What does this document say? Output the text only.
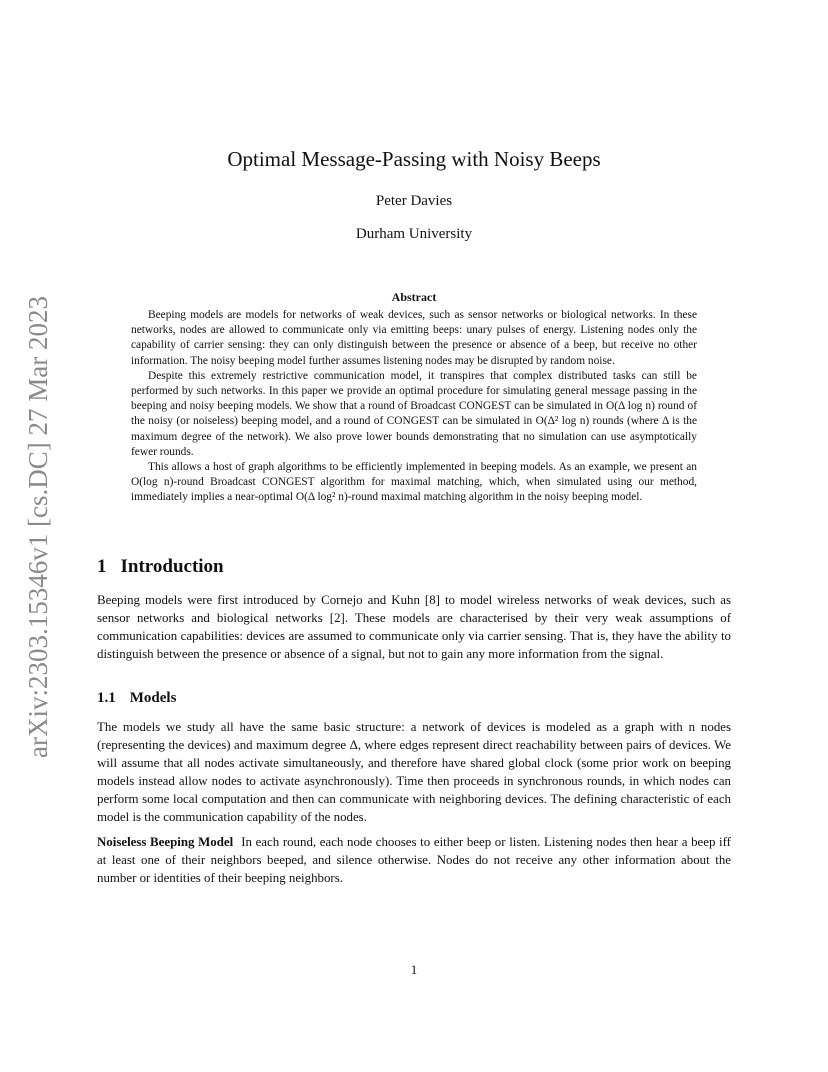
arXiv:2303.15346v1 [cs.DC] 27 Mar 2023
Optimal Message-Passing with Noisy Beeps
Peter Davies
Durham University
Abstract

Beeping models are models for networks of weak devices, such as sensor networks or biological networks. In these networks, nodes are allowed to communicate only via emitting beeps: unary pulses of energy. Listening nodes only the capability of carrier sensing: they can only distinguish between the presence or absence of a beep, but receive no other information. The noisy beeping model further assumes listening nodes may be disrupted by random noise.

Despite this extremely restrictive communication model, it transpires that complex distributed tasks can still be performed by such networks. In this paper we provide an optimal procedure for simulating general message passing in the beeping and noisy beeping models. We show that a round of Broadcast CONGEST can be simulated in O(Δ log n) round of the noisy (or noiseless) beeping model, and a round of CONGEST can be simulated in O(Δ² log n) rounds (where Δ is the maximum degree of the network). We also prove lower bounds demonstrating that no simulation can use asymptotically fewer rounds.

This allows a host of graph algorithms to be efficiently implemented in beeping models. As an example, we present an O(log n)-round Broadcast CONGEST algorithm for maximal matching, which, when simulated using our method, immediately implies a near-optimal O(Δ log² n)-round maximal matching algorithm in the noisy beeping model.

1 Introduction

Beeping models were first introduced by Cornejo and Kuhn [8] to model wireless networks of weak devices, such as sensor networks and biological networks [2]. These models are characterised by their very weak assumptions of communication capabilities: devices are assumed to communicate only via carrier sensing. That is, they have the ability to distinguish between the presence or absence of a signal, but not to gain any more information from the signal.

1.1 Models

The models we study all have the same basic structure: a network of devices is modeled as a graph with n nodes (representing the devices) and maximum degree Δ, where edges represent direct reachability between pairs of devices. We will assume that all nodes activate simultaneously, and therefore have shared global clock (some prior work on beeping models instead allow nodes to activate asynchronously). Time then proceeds in synchronous rounds, in which nodes can perform some local computation and then can communicate with neighboring devices. The defining characteristic of each model is the communication capability of the nodes.

Noiseless Beeping Model In each round, each node chooses to either beep or listen. Listening nodes then hear a beep iff at least one of their neighbors beeped, and silence otherwise. Nodes do not receive any other information about the number or identities of their beeping neighbors.

1
